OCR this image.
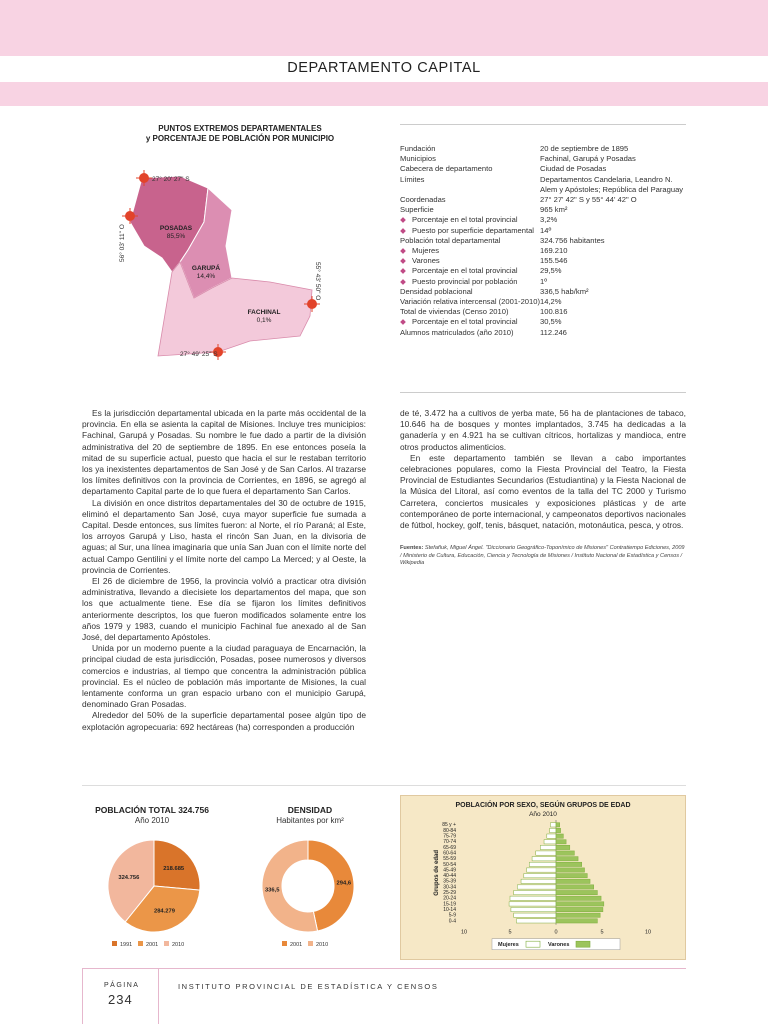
DEPARTAMENTO CAPITAL
PUNTOS EXTREMOS DEPARTAMENTALES
y PORCENTAJE DE POBLACIÓN POR MUNICIPIO
27° 20' 27" S
56° 03' 11" O
55° 43' 50" O
27° 49' 25" S
POSADAS
85,5%
GARUPÁ
14,4%
FACHINAL
0,1%
Fundación	20 de septiembre de 1895
Municipios	Fachinal, Garupá y Posadas
Cabecera de departamento	Ciudad de Posadas
Límites	Departamentos Candelaria, Leandro N. Alem y Apóstoles; República del Paraguay
Coordenadas	27° 27' 42" S y 55° 44' 42" O
Superficie	965 km²
Porcentaje en el total provincial	3,2%
Puesto por superficie departamental 14º
Población total departamental	324.756 habitantes
Mujeres	169.210
Varones	155.546
Porcentaje en el total provincial	29,5%
Puesto provincial por población	1º
Densidad poblacional	336,5 hab/km²
Variación relativa intercensal (2001-2010) 14,2%
Total de viviendas (Censo 2010)	100.816
Porcentaje en el total provincial	30,5%
Alumnos matriculados (año 2010)	112.246

Es la jurisdicción departamental ubicada en la parte más occidental de la provincia. En ella se asienta la capital de Misiones. Incluye tres municipios: Fachinal, Garupá y Posadas. Su nombre le fue dado a partir de la división administrativa del 20 de septiembre de 1895. En ese entonces poseía la mitad de su superficie actual, puesto que hacia el sur le restaban territorio los ya inexistentes departamentos de San José y de San Carlos. Al trazarse los límites definitivos con la provincia de Corrientes, en 1896, se agregó al departamento Capital parte de lo que fuera el departamento San Carlos.

La división en once distritos departamentales del 30 de octubre de 1915, eliminó el departamento San José, cuya mayor superficie fue sumada a Capital. Desde entonces, sus límites fueron: al Norte, el río Paraná; al Este, los arroyos Garupá y Liso, hasta el rincón San Juan, en la divisoria de aguas; al Sur, una línea imaginaria que unía San Juan con el límite norte del actual Campo Gentilini y el límite norte del campo La Merced; y al Oeste, la provincia de Corrientes.

El 26 de diciembre de 1956, la provincia volvió a practicar otra división administrativa, llevando a diecisiete los departamentos del mapa, que son los que actualmente tiene. Ese día se fijaron los límites definitivos anteriormente descriptos, los que fueron modificados solamente entre los años 1979 y 1983, cuando el municipio Fachinal fue anexado al de San José, del departamento Apóstoles.

Unida por un moderno puente a la ciudad paraguaya de Encarnación, la principal ciudad de esta jurisdicción, Posadas, posee numerosos y diversos comercios e industrias, al tiempo que concentra la administración pública provincial. Es el núcleo de población más importante de Misiones, la cual lentamente conforma un gran espacio urbano con el municipio Garupá, denominado Gran Posadas.

Alrededor del 50% de la superficie departamental posee algún tipo de explotación agropecuaria: 692 hectáreas (ha) corresponden a producción

de té, 3.472 ha a cultivos de yerba mate, 56 ha de plantaciones de tabaco, 10.646 ha de bosques y montes implantados, 3.745 ha dedicadas a la ganadería y en 4.921 ha se cultivan cítricos, hortalizas y mandioca, entre otros productos alimenticios.

En este departamento también se llevan a cabo importantes celebraciones populares, como la Fiesta Provincial del Teatro, la Fiesta Provincial de Estudiantes Secundarios (Estudiantina) y la Fiesta Nacional de la Música del Litoral, así como eventos de la talla del TC 2000 y Turismo Carretera, conciertos musicales y exposiciones plásticas y de arte contemporáneo de porte internacional, y campeonatos deportivos nacionales de fútbol, hockey, golf, tenis, básquet, natación, motonáutica, pesca, y otros.

Fuentes: Stefañuk, Miguel Ángel. "Diccionario Geográfico-Toponímico de Misiones" Contratiempo Ediciones, 2009 / Ministerio de Cultura, Educación, Ciencia y Tecnología de Misiones / Instituto Nacional de Estadística y Censos / Wikipedia

POBLACIÓN TOTAL 324.756
Año 2010
218.685
284.279
324.756
1991	2001	2010
DENSIDAD
Habitantes por km²
294,6
336,5
2001	2010
POBLACIÓN POR SEXO, SEGÚN GRUPOS DE EDAD
Año 2010
85 y +
80-84
75-79
70-74
65-69
60-64
55-59
50-54
45-49
40-44
35-39
30-34
25-29
20-24
15-19
10-14
5-9
0-4
10	5	0	5	10
Grupos de edad
Mujeres	Varones
PÁGINA
234
INSTITUTO PROVINCIAL DE ESTADÍSTICA Y CENSOS
